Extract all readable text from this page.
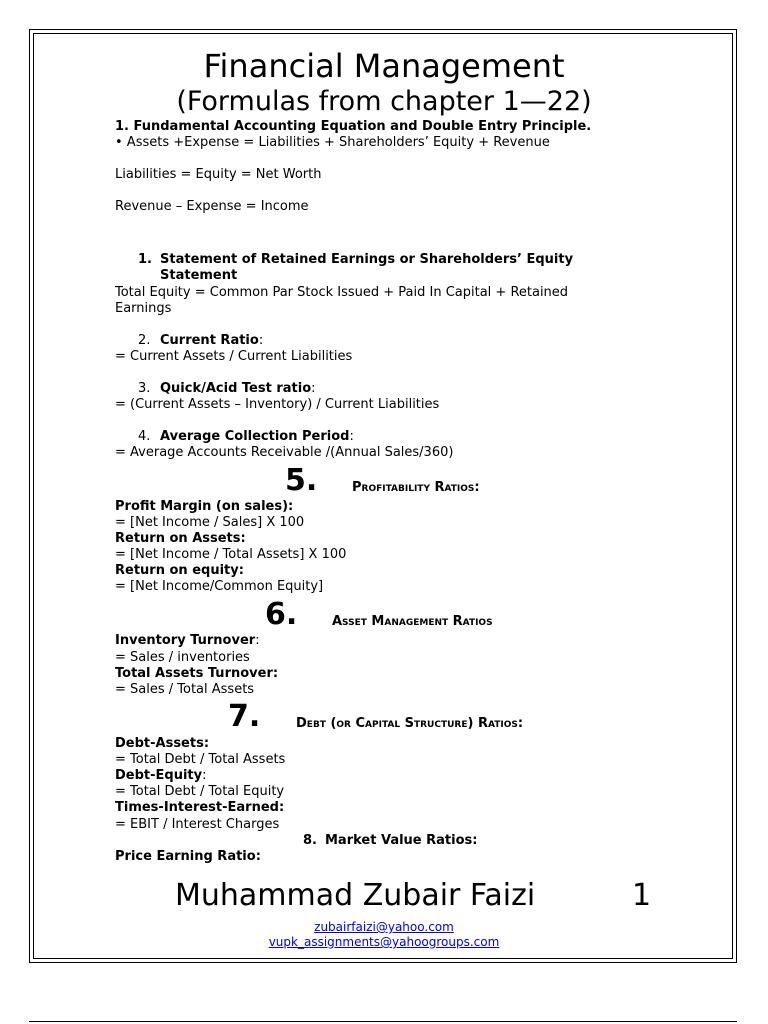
Financial Management
(Formulas from chapter 1—22)
1. Fundamental Accounting Equation and Double Entry Principle.
• Assets +Expense = Liabilities + Shareholders’ Equity + Revenue
Liabilities = Equity = Net Worth
Revenue – Expense = Income
1. Statement of Retained Earnings or Shareholders’ Equity
Statement
Total Equity = Common Par Stock Issued + Paid In Capital + Retained
Earnings
2. Current Ratio:
= Current Assets / Current Liabilities
3. Quick/Acid Test ratio:
= (Current Assets – Inventory) / Current Liabilities
4. Average Collection Period:
= Average Accounts Receivable /(Annual Sales/360)
5.	Profitability Ratios:
Profit Margin (on sales):
= [Net Income / Sales] X 100
Return on Assets:
= [Net Income / Total Assets] X 100
Return on equity:
= [Net Income/Common Equity]
6.	Asset Management Ratios
Inventory Turnover:
= Sales / inventories
Total Assets Turnover:
= Sales / Total Assets
7.	Debt (or Capital Structure) Ratios:
Debt-Assets:
= Total Debt / Total Assets
Debt-Equity:
= Total Debt / Total Equity
Times-Interest-Earned:
= EBIT / Interest Charges
8. Market Value Ratios:
Price Earning Ratio:
Muhammad Zubair Faizi	1
zubairfaizi@yahoo.com
vupk_assignments@yahoogroups.com
